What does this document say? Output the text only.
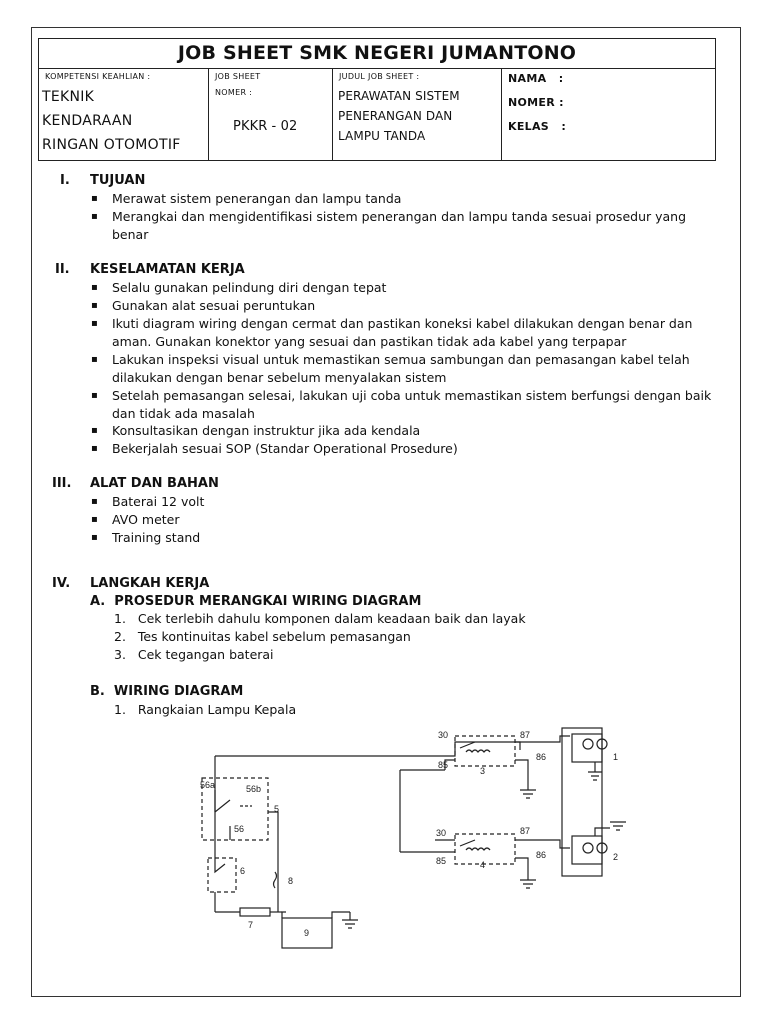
JOB SHEET SMK NEGERI JUMANTONO
KOMPETENSI KEAHLIAN :
TEKNIK
KENDARAAN
RINGAN OTOMOTIF
JOB SHEET
NOMER :
PKKR - 02
JUDUL JOB SHEET :
PERAWATAN SISTEM
PENERANGAN DAN
LAMPU TANDA
NAMA   :
NOMER :
KELAS   :
I. TUJUAN
▪ Merawat sistem penerangan dan lampu tanda
▪ Merangkai dan mengidentifikasi sistem penerangan dan lampu tanda sesuai prosedur yang
benar
II. KESELAMATAN KERJA
▪ Selalu gunakan pelindung diri dengan tepat
▪ Gunakan alat sesuai peruntukan
▪ Ikuti diagram wiring dengan cermat dan pastikan koneksi kabel dilakukan dengan benar dan
aman. Gunakan konektor yang sesuai dan pastikan tidak ada kabel yang terpapar
▪ Lakukan inspeksi visual untuk memastikan semua sambungan dan pemasangan kabel telah
dilakukan dengan benar sebelum menyalakan sistem
▪ Setelah pemasangan selesai, lakukan uji coba untuk memastikan sistem berfungsi dengan baik
dan tidak ada masalah
▪ Konsultasikan dengan instruktur jika ada kendala
▪ Bekerjalah sesuai SOP (Standar Operational Prosedure)
III. ALAT DAN BAHAN
▪ Baterai 12 volt
▪ AVO meter
▪ Training stand
IV. LANGKAH KERJA
A.  PROSEDUR MERANGKAI WIRING DIAGRAM
1.   Cek terlebih dahulu komponen dalam keadaan baik dan layak
2.   Tes kontinuitas kabel sebelum pemasangan
3.   Cek tegangan baterai
B.  WIRING DIAGRAM
1.   Rangkaian Lampu Kepala
30	87
85
86
3
30	87
85
86
4
56a	56b
5
56
6
7
8
9
1
2
